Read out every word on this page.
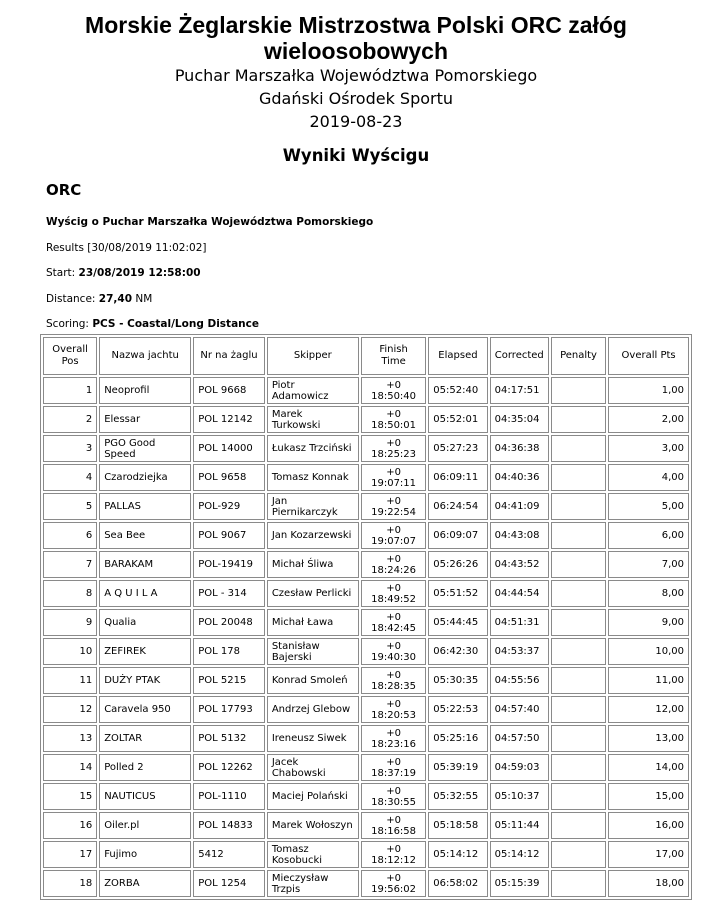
Morskie Żeglarskie Mistrzostwa Polski ORC załóg wieloosobowych

Puchar Marszałka Województwa Pomorskiego

Gdański Ośrodek Sportu

2019-08-23

Wyniki Wyścigu

ORC

Wyścig o Puchar Marszałka Województwa Pomorskiego

Results [30/08/2019 11:02:02]

Start: 23/08/2019 12:58:00

Distance: 27,40 NM

Scoring: PCS - Coastal/Long Distance

Overall Pos	Nazwa jachtu	Nr na żaglu	Skipper	Finish Time	Elapsed	Corrected	Penalty	Overall Pts
1	Neoprofil	POL 9668	Piotr Adamowicz	+0
18:50:40	05:52:40	04:17:51		1,00
2	Elessar	POL 12142	Marek Turkowski	+0
18:50:01	05:52:01	04:35:04		2,00
3	PGO Good Speed	POL 14000	Łukasz Trzciński	+0
18:25:23	05:27:23	04:36:38		3,00
4	Czarodziejka	POL 9658	Tomasz Konnak	+0
19:07:11	06:09:11	04:40:36		4,00
5	PALLAS	POL-929	Jan Piernikarczyk	+0
19:22:54	06:24:54	04:41:09		5,00
6	Sea Bee	POL 9067	Jan Kozarzewski	+0
19:07:07	06:09:07	04:43:08		6,00
7	BARAKAM	POL-19419	Michał Śliwa	+0
18:24:26	05:26:26	04:43:52		7,00
8	A Q U I L A	POL - 314	Czesław Perlicki	+0
18:49:52	05:51:52	04:44:54		8,00
9	Qualia	POL 20048	Michał Ława	+0
18:42:45	05:44:45	04:51:31		9,00
10	ZEFIREK	POL 178	Stanisław Bajerski	+0
19:40:30	06:42:30	04:53:37		10,00
11	DUŻY PTAK	POL 5215	Konrad Smoleń	+0
18:28:35	05:30:35	04:55:56		11,00
12	Caravela 950	POL 17793	Andrzej Glebow	+0
18:20:53	05:22:53	04:57:40		12,00
13	ZOLTAR	POL 5132	Ireneusz Siwek	+0
18:23:16	05:25:16	04:57:50		13,00
14	Polled 2	POL 12262	Jacek Chabowski	+0
18:37:19	05:39:19	04:59:03		14,00
15	NAUTICUS	POL-1110	Maciej Polański	+0
18:30:55	05:32:55	05:10:37		15,00
16	Oiler.pl	POL 14833	Marek Wołoszyn	+0
18:16:58	05:18:58	05:11:44		16,00
17	Fujimo	5412	Tomasz Kosobucki	+0
18:12:12	05:14:12	05:14:12		17,00
18	ZORBA	POL 1254	Mieczysław Trzpis	+0
19:56:02	06:58:02	05:15:39		18,00
